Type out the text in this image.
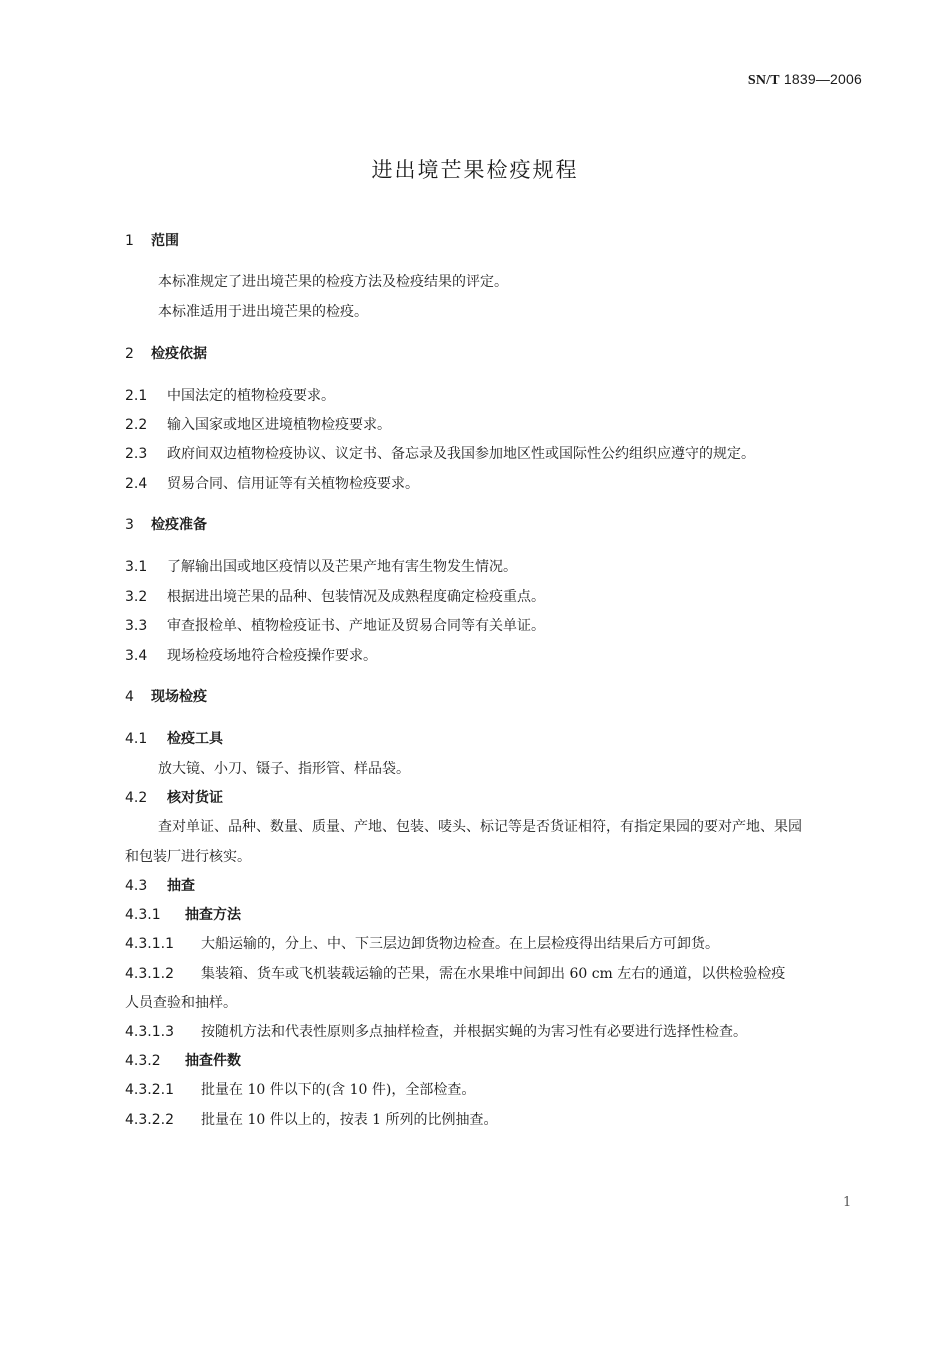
SN/T 1839—2006
进出境芒果检疫规程
1 范围
本标准规定了进出境芒果的检疫方法及检疫结果的评定。
本标准适用于进出境芒果的检疫。
2 检疫依据
2.1 中国法定的植物检疫要求。
2.2 输入国家或地区进境植物检疫要求。
2.3 政府间双边植物检疫协议、议定书、备忘录及我国参加地区性或国际性公约组织应遵守的规定。
2.4 贸易合同、信用证等有关植物检疫要求。
3 检疫准备
3.1 了解输出国或地区疫情以及芒果产地有害生物发生情况。
3.2 根据进出境芒果的品种、包装情况及成熟程度确定检疫重点。
3.3 审查报检单、植物检疫证书、产地证及贸易合同等有关单证。
3.4 现场检疫场地符合检疫操作要求。
4 现场检疫
4.1 检疫工具
放大镜、小刀、镊子、指形管、样品袋。
4.2 核对货证
查对单证、品种、数量、质量、产地、包装、唛头、标记等是否货证相符，有指定果园的要对产地、果园
和包装厂进行核实。
4.3 抽查
4.3.1 抽查方法
4.3.1.1 大船运输的，分上、中、下三层边卸货物边检查。在上层检疫得出结果后方可卸货。
4.3.1.2 集装箱、货车或飞机装载运输的芒果，需在水果堆中间卸出 60 cm 左右的通道，以供检验检疫
人员查验和抽样。
4.3.1.3 按随机方法和代表性原则多点抽样检查，并根据实蝇的为害习性有必要进行选择性检查。
4.3.2 抽查件数
4.3.2.1 批量在 10 件以下的(含 10 件)，全部检查。
4.3.2.2 批量在 10 件以上的，按表 1 所列的比例抽查。
1
